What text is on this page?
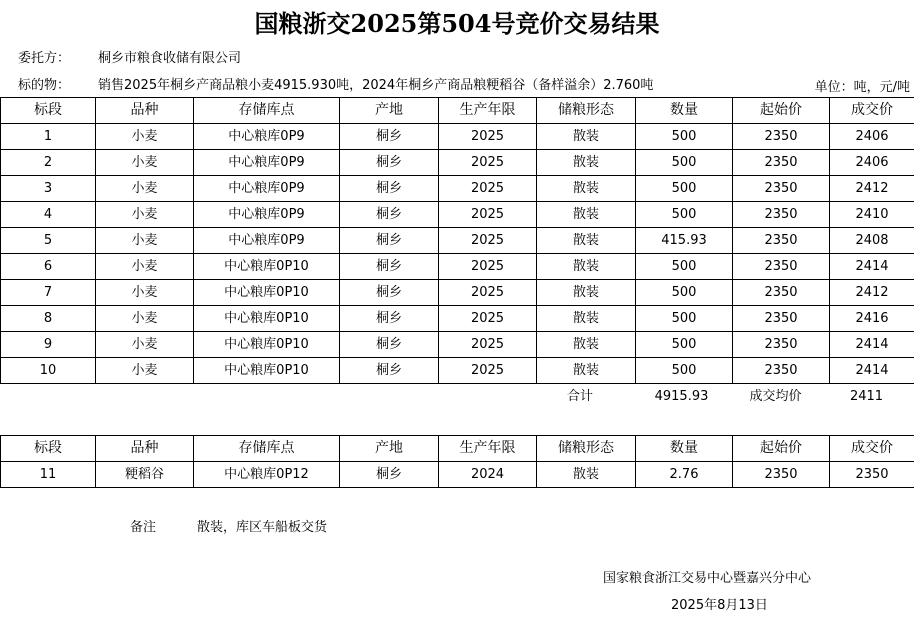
国粮浙交2025第504号竞价交易结果
委托方： 桐乡市粮食收储有限公司
标的物： 销售2025年桐乡产商品粮小麦4915.930吨，2024年桐乡产商品粮粳稻谷（备样溢余）2.760吨	单位：吨，元/吨
标段	品种	存储库点	产地	生产年限	储粮形态	数量	起始价	成交价
1	小麦	中心粮库0P9	桐乡	2025	散装	500	2350	2406
2	小麦	中心粮库0P9	桐乡	2025	散装	500	2350	2406
3	小麦	中心粮库0P9	桐乡	2025	散装	500	2350	2412
4	小麦	中心粮库0P9	桐乡	2025	散装	500	2350	2410
5	小麦	中心粮库0P9	桐乡	2025	散装	415.93	2350	2408
6	小麦	中心粮库0P10	桐乡	2025	散装	500	2350	2414
7	小麦	中心粮库0P10	桐乡	2025	散装	500	2350	2412
8	小麦	中心粮库0P10	桐乡	2025	散装	500	2350	2416
9	小麦	中心粮库0P10	桐乡	2025	散装	500	2350	2414
10	小麦	中心粮库0P10	桐乡	2025	散装	500	2350	2414
合计	4915.93	成交均价	2411
标段	品种	存储库点	产地	生产年限	储粮形态	数量	起始价	成交价
11	粳稻谷	中心粮库0P12	桐乡	2024	散装	2.76	2350	2350
备注	散装，库区车船板交货
国家粮食浙江交易中心暨嘉兴分中心
2025年8月13日
